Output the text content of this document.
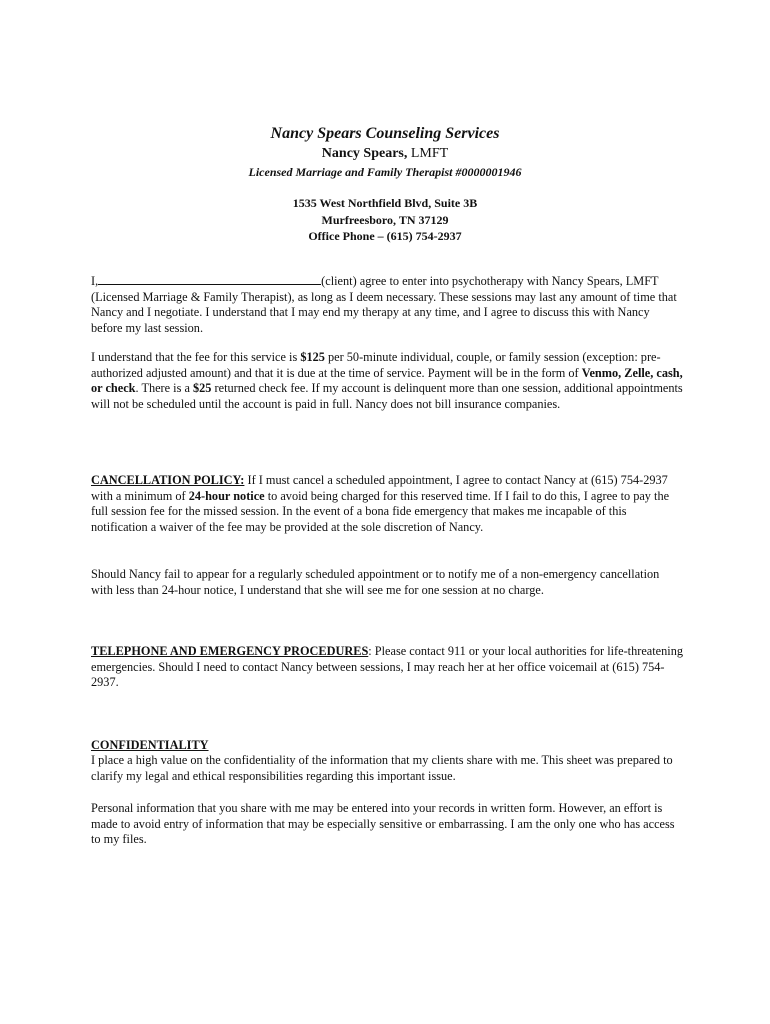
Nancy Spears Counseling Services
Nancy Spears, LMFT
Licensed Marriage and Family Therapist #0000001946
1535 West Northfield Blvd, Suite 3B
Murfreesboro, TN 37129
Office Phone – (615) 754-2937

I,	(client) agree to enter into psychotherapy with Nancy Spears, LMFT (Licensed Marriage & Family Therapist), as long as I deem necessary. These sessions may last any amount of time that Nancy and I negotiate. I understand that I may end my therapy at any time, and I agree to discuss this with Nancy before my last session.

I understand that the fee for this service is $125 per 50-minute individual, couple, or family session (exception: pre-authorized adjusted amount) and that it is due at the time of service. Payment will be in the form of Venmo, Zelle, cash, or check. There is a $25 returned check fee. If my account is delinquent more than one session, additional appointments will not be scheduled until the account is paid in full. Nancy does not bill insurance companies.

CANCELLATION POLICY: If I must cancel a scheduled appointment, I agree to contact Nancy at (615) 754-2937 with a minimum of 24-hour notice to avoid being charged for this reserved time. If I fail to do this, I agree to pay the full session fee for the missed session. In the event of a bona fide emergency that makes me incapable of this notification a waiver of the fee may be provided at the sole discretion of Nancy.

Should Nancy fail to appear for a regularly scheduled appointment or to notify me of a non-emergency cancellation with less than 24-hour notice, I understand that she will see me for one session at no charge.

TELEPHONE AND EMERGENCY PROCEDURES: Please contact 911 or your local authorities for life-threatening emergencies. Should I need to contact Nancy between sessions, I may reach her at her office voicemail at (615) 754-2937.

CONFIDENTIALITY

I place a high value on the confidentiality of the information that my clients share with me. This sheet was prepared to clarify my legal and ethical responsibilities regarding this important issue.

Personal information that you share with me may be entered into your records in written form. However, an effort is made to avoid entry of information that may be especially sensitive or embarrassing. I am the only one who has access to my files.
